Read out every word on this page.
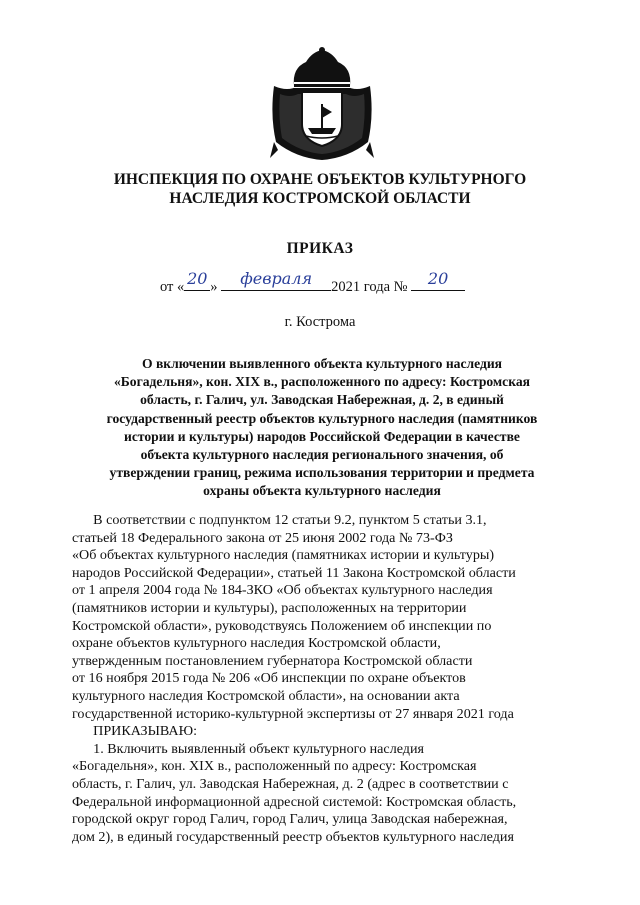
ИНСПЕКЦИЯ ПО ОХРАНЕ ОБЪЕКТОВ КУЛЬТУРНОГО
НАСЛЕДИЯ КОСТРОМСКОЙ ОБЛАСТИ
ПРИКАЗ
от « 20 »	февраля	2021 года №	20
г. Кострома
О включении выявленного объекта культурного наследия
«Богадельня», кон. XIX в., расположенного по адресу: Костромская
область, г. Галич, ул. Заводская Набережная, д. 2, в единый
государственный реестр объектов культурного наследия (памятников
истории и культуры) народов Российской Федерации в качестве
объекта культурного наследия регионального значения, об
утверждении границ, режима использования территории и предмета
охраны объекта культурного наследия
В соответствии с подпунктом 12 статьи 9.2, пунктом 5 статьи 3.1,
статьей 18 Федерального закона от 25 июня 2002 года № 73-ФЗ
«Об объектах культурного наследия (памятниках истории и культуры)
народов Российской Федерации», статьей 11 Закона Костромской области
от 1 апреля 2004 года № 184-ЗКО «Об объектах культурного наследия
(памятников истории и культуры), расположенных на территории
Костромской области», руководствуясь Положением об инспекции по
охране объектов культурного наследия Костромской области,
утвержденным постановлением губернатора Костромской области
от 16 ноября 2015 года № 206 «Об инспекции по охране объектов
культурного наследия Костромской области», на основании акта
государственной историко-культурной экспертизы от 27 января 2021 года
ПРИКАЗЫВАЮ:
1. Включить выявленный объект культурного наследия
«Богадельня», кон. XIX в., расположенный по адресу: Костромская
область, г. Галич, ул. Заводская Набережная, д. 2 (адрес в соответствии с
Федеральной информационной адресной системой: Костромская область,
городской округ город Галич, город Галич, улица Заводская набережная,
дом 2), в единый государственный реестр объектов культурного наследия
